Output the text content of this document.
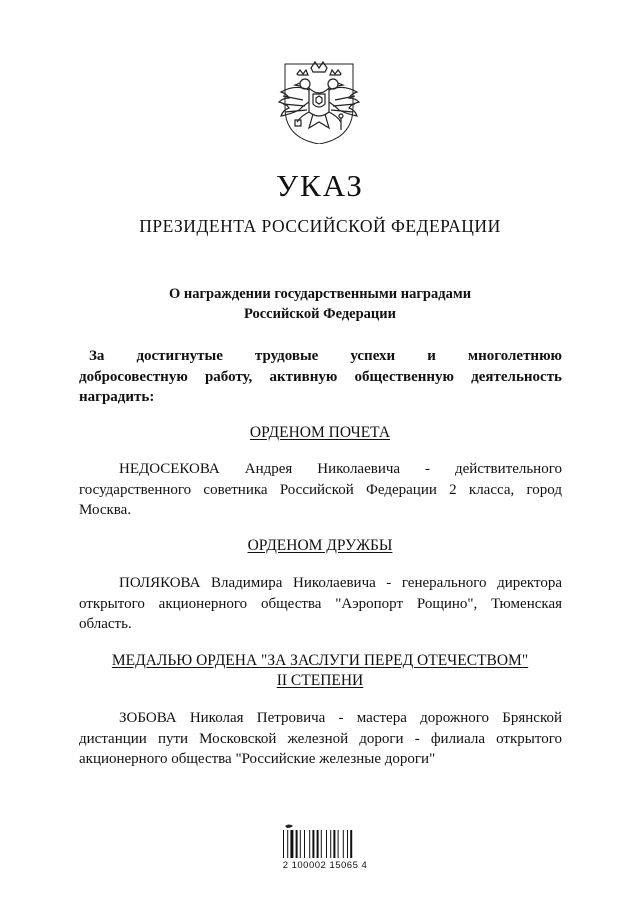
УКАЗ
ПРЕЗИДЕНТА РОССИЙСКОЙ ФЕДЕРАЦИИ
О награждении государственными наградами
Российской Федерации
За достигнутые трудовые успехи и многолетнюю
добросовестную работу, активную общественную деятельность
наградить:
ОРДЕНОМ ПОЧЕТА
НЕДОСЕКОВА Андрея Николаевича - действительного
государственного советника Российской Федерации 2 класса, город
Москва.
ОРДЕНОМ ДРУЖБЫ
ПОЛЯКОВА Владимира Николаевича - генерального директора
открытого акционерного общества "Аэропорт Рощино", Тюменская
область.
МЕДАЛЬЮ ОРДЕНА "ЗА ЗАСЛУГИ ПЕРЕД ОТЕЧЕСТВОМ"
II СТЕПЕНИ
ЗОБОВА Николая Петровича - мастера дорожного Брянской
дистанции пути Московской железной дороги - филиала открытого
акционерного общества "Российские железные дороги"
2 100002 15065 4
